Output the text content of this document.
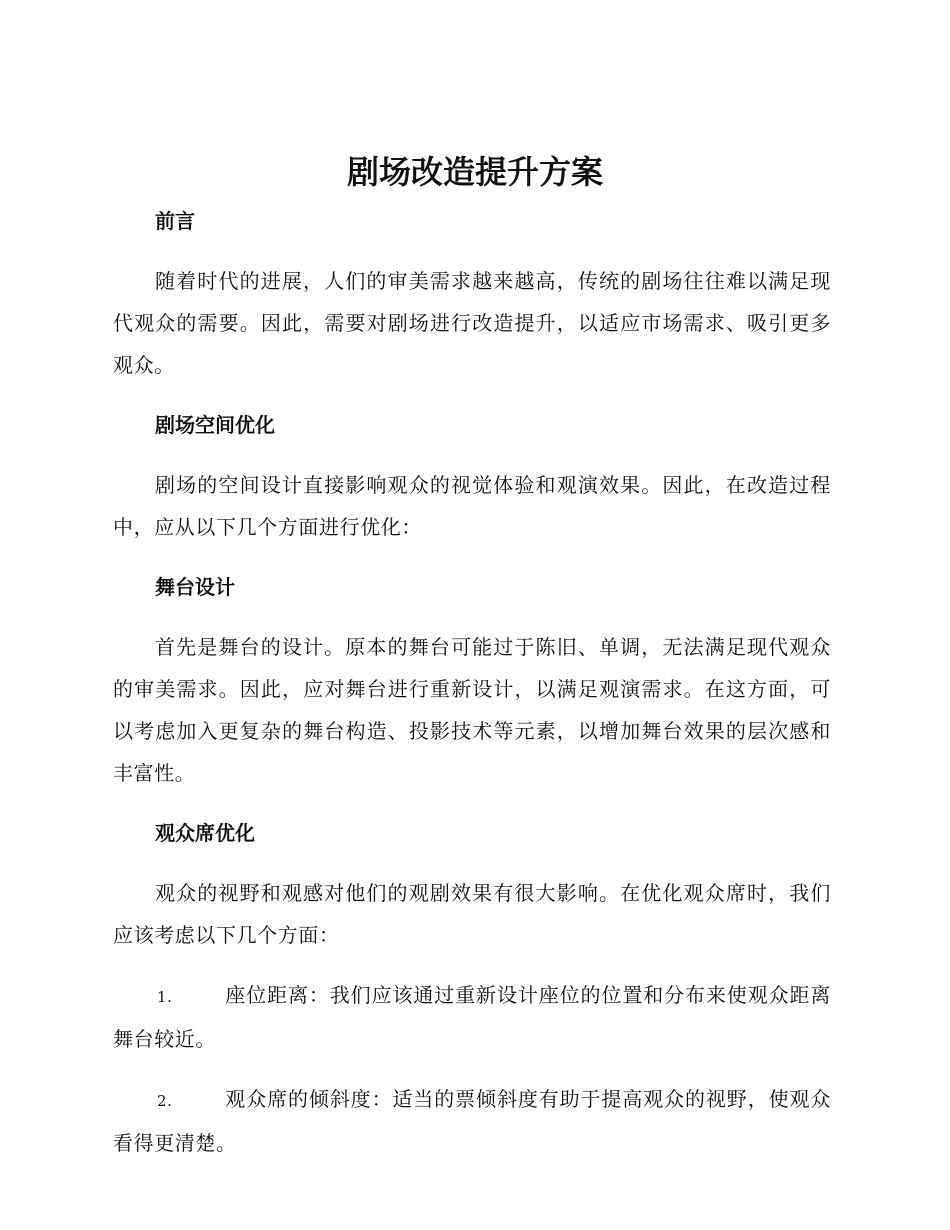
剧场改造提升方案

前言

随着时代的进展，人们的审美需求越来越高，传统的剧场往往难以满足现代观众的需要。因此，需要对剧场进行改造提升，以适应市场需求、吸引更多观众。

剧场空间优化

剧场的空间设计直接影响观众的视觉体验和观演效果。因此，在改造过程中，应从以下几个方面进行优化：

舞台设计

首先是舞台的设计。原本的舞台可能过于陈旧、单调，无法满足现代观众的审美需求。因此，应对舞台进行重新设计，以满足观演需求。在这方面，可以考虑加入更复杂的舞台构造、投影技术等元素，以增加舞台效果的层次感和丰富性。

观众席优化

观众的视野和观感对他们的观剧效果有很大影响。在优化观众席时，我们应该考虑以下几个方面：

1.	座位距离：我们应该通过重新设计座位的位置和分布来使观众距离舞台较近。

2.	观众席的倾斜度：适当的票倾斜度有助于提高观众的视野，使观众看得更清楚。
